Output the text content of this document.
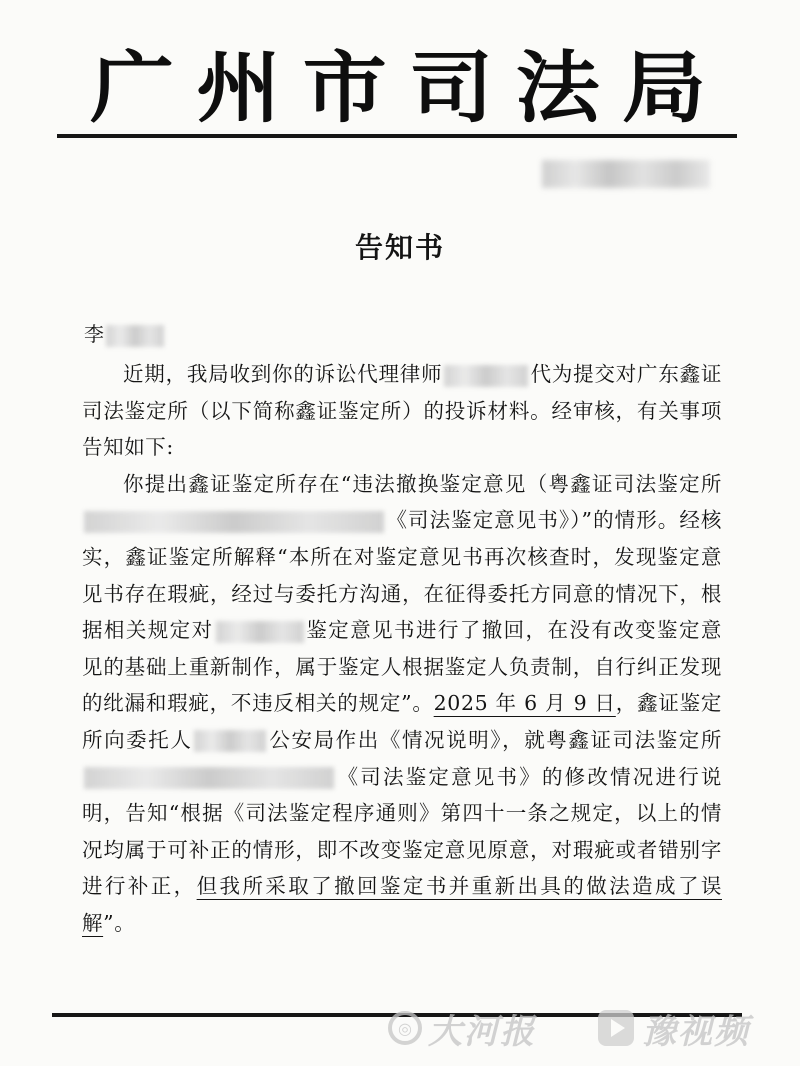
广 州 市 司 法 局
告知书
李

近期，我局收到你的诉讼代理律师	代为提交对广东鑫证司法鉴定所（以下简称鑫证鉴定所）的投诉材料。经审核，有关事项告知如下:

你提出鑫证鉴定所存在“违法撤换鉴定意见（粤鑫证司法鉴定所《司法鉴定意见书》）”的情形。经核实，鑫证鉴定所解释“本所在对鉴定意见书再次核查时，发现鉴定意见书存在瑕疵，经过与委托方沟通，在征得委托方同意的情况下，根据相关规定对	鉴定意见书进行了撤回，在没有改变鉴定意见的基础上重新制作，属于鉴定人根据鉴定人负责制，自行纠正发现的纰漏和瑕疵，不违反相关的规定”。2025 年 6 月 9 日，鑫证鉴定所向委托人	公安局作出《情况说明》，就粤鑫证司法鉴定所《司法鉴定意见书》的修改情况进行说明，告知“根据《司法鉴定程序通则》第四十一条之规定，以上的情况均属于可补正的情形，即不改变鉴定意见原意，对瑕疵或者错别字进行补正，但我所采取了撤回鉴定书并重新出具的做法造成了误解”。

◎ 大河报	豫视频
